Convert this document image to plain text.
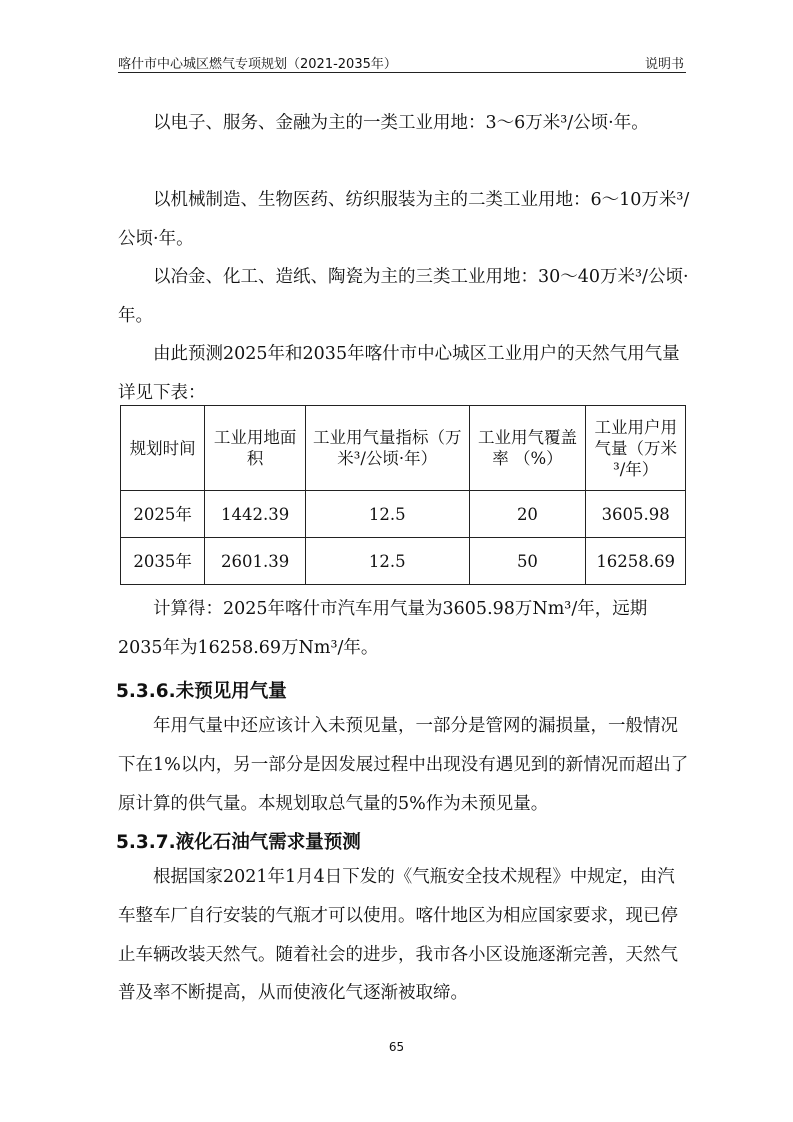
喀什市中心城区燃气专项规划（2021-2035年）	说明书

以电子、服务、金融为主的一类工业用地：3～6万米³/公顷·年。

以机械制造、生物医药、纺织服装为主的二类工业用地：6～10万米³/公顷·年。

以冶金、化工、造纸、陶瓷为主的三类工业用地：30～40万米³/公顷·年。

由此预测2025年和2035年喀什市中心城区工业用户的天然气用气量详见下表：

规划时间	工业用地面积	工业用气量指标（万米³/公顷·年）	工业用气覆盖率 （%）	工业用户用气量（万米³/年）
2025年	1442.39	12.5	20	3605.98
2035年	2601.39	12.5	50	16258.69

计算得：2025年喀什市汽车用气量为3605.98万Nm³/年，远期2035年为16258.69万Nm³/年。

5.3.6.未预见用气量

年用气量中还应该计入未预见量，一部分是管网的漏损量，一般情况下在1%以内，另一部分是因发展过程中出现没有遇见到的新情况而超出了原计算的供气量。本规划取总气量的5%作为未预见量。

5.3.7.液化石油气需求量预测

根据国家2021年1月4日下发的《气瓶安全技术规程》中规定，由汽车整车厂自行安装的气瓶才可以使用。喀什地区为相应国家要求，现已停止车辆改装天然气。随着社会的进步，我市各小区设施逐渐完善，天然气普及率不断提高，从而使液化气逐渐被取缔。

65
